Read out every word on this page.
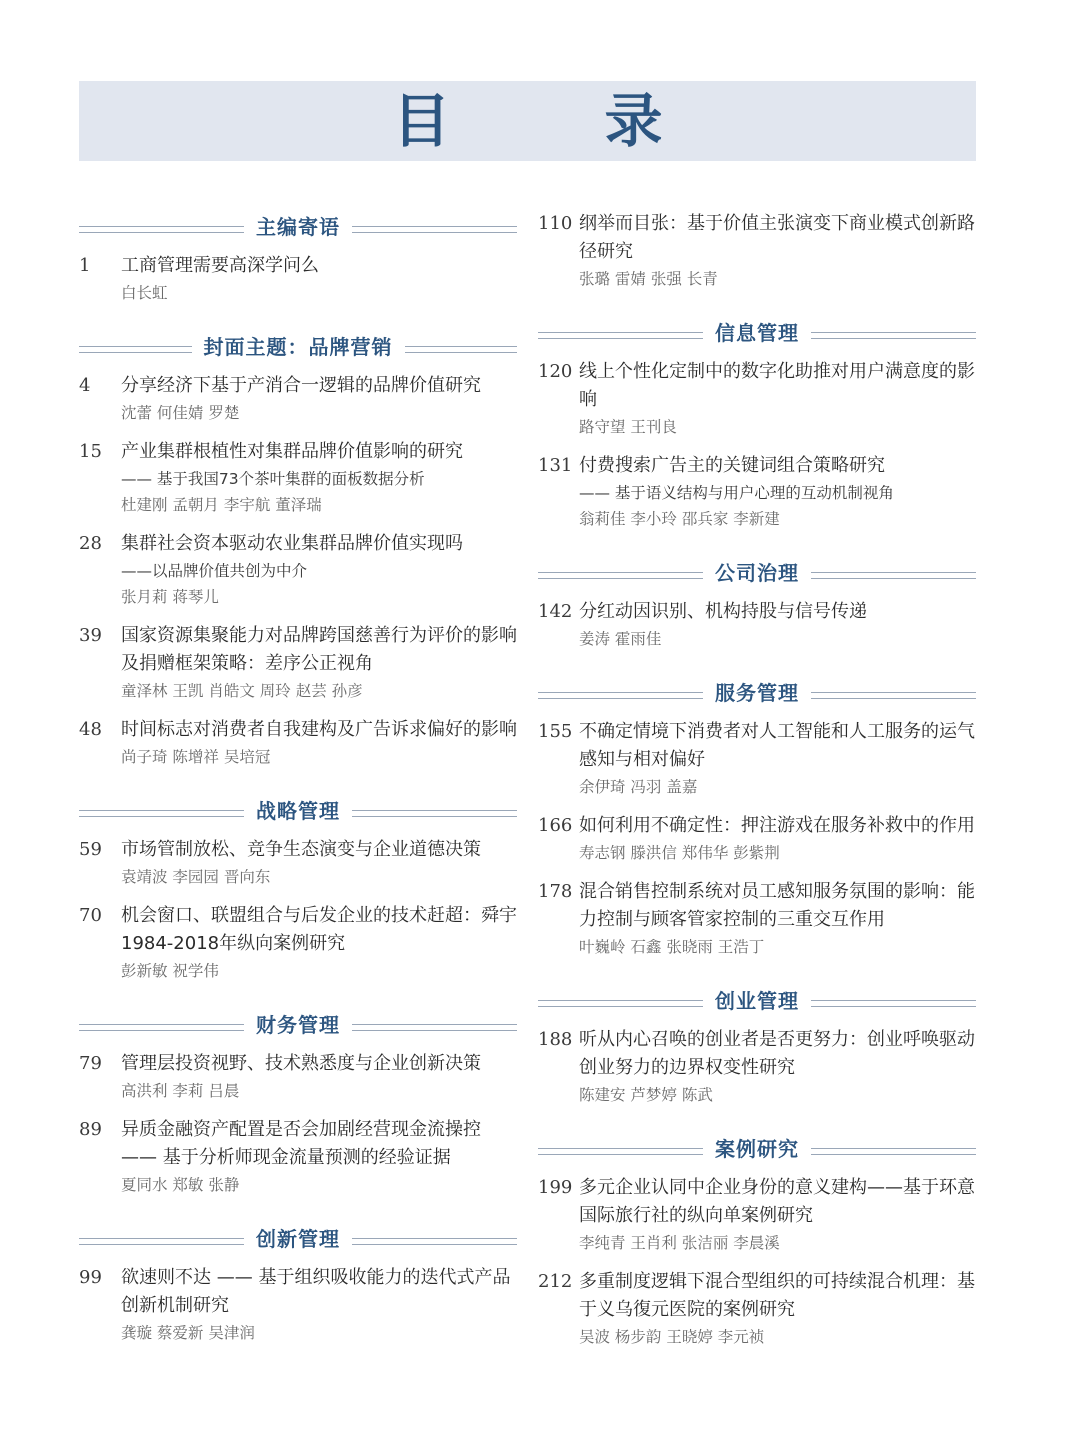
目　录
主编寄语
1 工商管理需要高深学问么
白长虹
封面主题：品牌营销
4 分享经济下基于产消合一逻辑的品牌价值研究
沈蕾 何佳婧 罗楚
15 产业集群根植性对集群品牌价值影响的研究
—— 基于我国73个茶叶集群的面板数据分析
杜建刚 孟朝月 李宇航 董泽瑞
28 集群社会资本驱动农业集群品牌价值实现吗
——以品牌价值共创为中介
张月莉 蒋琴儿
39 国家资源集聚能力对品牌跨国慈善行为评价的影响及捐赠框架策略：差序公正视角
童泽林 王凯 肖皓文 周玲 赵芸 孙彦
48 时间标志对消费者自我建构及广告诉求偏好的影响
尚子琦 陈增祥 吴培冠
战略管理
59 市场管制放松、竞争生态演变与企业道德决策
袁靖波 李园园 晋向东
70 机会窗口、联盟组合与后发企业的技术赶超：舜宇1984-2018年纵向案例研究
彭新敏 祝学伟
财务管理
79 管理层投资视野、技术熟悉度与企业创新决策
高洪利 李莉 吕晨
89 异质金融资产配置是否会加剧经营现金流操控 —— 基于分析师现金流量预测的经验证据
夏同水 郑敏 张静
创新管理
99 欲速则不达 —— 基于组织吸收能力的迭代式产品创新机制研究
龚璇 蔡爱新 吴津润
110 纲举而目张：基于价值主张演变下商业模式创新路径研究
张璐 雷婧 张强 长青
信息管理
120 线上个性化定制中的数字化助推对用户满意度的影响
路守望 王刊良
131 付费搜索广告主的关键词组合策略研究
—— 基于语义结构与用户心理的互动机制视角
翁莉佳 李小玲 邵兵家 李新建
公司治理
142 分红动因识别、机构持股与信号传递
姜涛 霍雨佳
服务管理
155 不确定情境下消费者对人工智能和人工服务的运气感知与相对偏好
余伊琦 冯羽 盖嘉
166 如何利用不确定性：押注游戏在服务补救中的作用
寿志钢 滕洪信 郑伟华 彭紫荆
178 混合销售控制系统对员工感知服务氛围的影响：能力控制与顾客管家控制的三重交互作用
叶巍岭 石鑫 张晓雨 王浩丁
创业管理
188 听从内心召唤的创业者是否更努力：创业呼唤驱动创业努力的边界权变性研究
陈建安 芦梦婷 陈武
案例研究
199 多元企业认同中企业身份的意义建构——基于环意国际旅行社的纵向单案例研究
李纯青 王肖利 张洁丽 李晨溪
212 多重制度逻辑下混合型组织的可持续混合机理：基于义乌復元医院的案例研究
吴波 杨步韵 王晓婷 李元祯
